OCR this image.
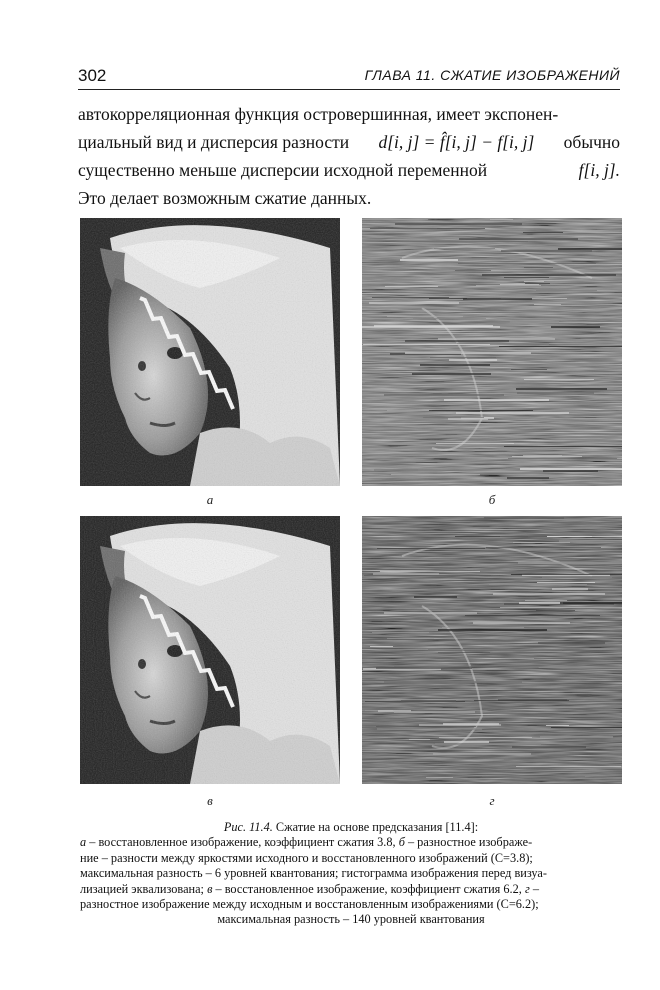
302	ГЛАВА 11. СЖАТИЕ ИЗОБРАЖЕНИЙ
автокорреляционная функция островершинная, имеет экспонен-
циальный вид и дисперсия разности d[i, j] = f̂[i, j] − f[i, j] обычно
существенно меньше дисперсии исходной переменной	f[i, j].
Это делает возможным сжатие данных.
а	б
в	г
Рис. 11.4. Сжатие на основе предсказания [11.4]:
а – восстановленное изображение, коэффициент сжатия 3.8, б – разностное изображе-
ние – разности между яркостями исходного и восстановленного изображений (С=3.8);
максимальная разность – 6 уровней квантования; гистограмма изображения перед визуа-
лизацией эквализована; в – восстановленное изображение, коэффициент сжатия 6.2, г –
разностное изображение между исходным и восстановленным изображениями (С=6.2);
максимальная разность – 140 уровней квантования
